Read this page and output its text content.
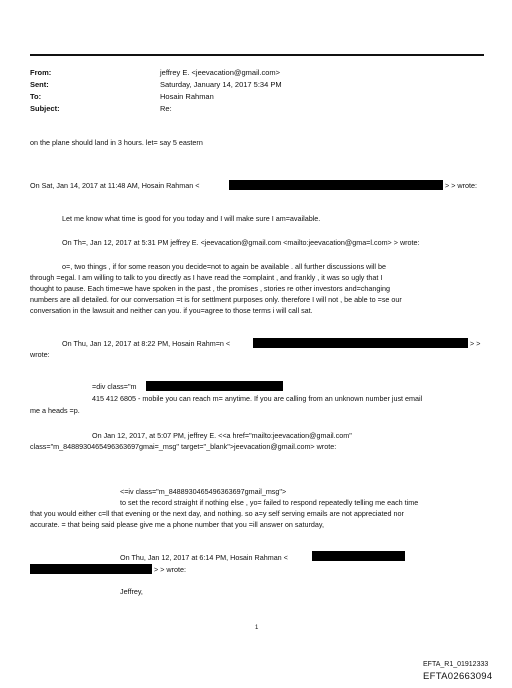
From:	jeffrey E. <jeevacation@gmail.com>
Sent:	Saturday, January 14, 2017 5:34 PM
To:	Hosain Rahman
Subject:	Re:
on the plane should land in 3 hours. let= say 5 eastern
On Sat, Jan 14, 2017 at 11:48 AM, Hosain Rahman <	> > wrote:
Let me know what time is good for you today and I will make sure I am=available.
On Th=, Jan 12, 2017 at 5:31 PM jeffrey E. <jeevacation@gmail.com <mailto:jeevacation@gma=l.com> > wrote:
o=, two things , if for some reason you decide=not to again be available . all further discussions will be
through =egal. I am willing to talk to you directly as I have read the =omplaint , and frankly , it was so ugly that I
thought to pause. Each time=we have spoken in the past , the promises , stories re other investors and=changing
numbers are all detailed. for our conversation =t is for settlment purposes only. therefore I will not , be able to =se our
conversation in the lawsuit and neither can you. if you=agree to those terms i will call sat.
On Thu, Jan 12, 2017 at 8:22 PM, Hosain Rahm=n <	> >
wrote:
=div class="m
415 412 6805 - mobile you can reach m= anytime. If you are calling from an unknown number just email
me a heads =p.
On Jan 12, 2017, at 5:07 PM, jeffrey E. <<a href="mailto:jeevacation@gmail.com"
class="m_8488930465496363697gmai=_msg" target="_blank">jeevacation@gmail.com> wrote:
<=iv class="m_8488930465496363697gmail_msg">
to set the record straight if nothing else , yo= failed to respond repeatedly telling me each time
that you would either c=ll that evening or the next day, and nothing. so a=y self serving emails are not appreciated nor
accurate. = that being said please give me a phone number that you =ill answer on saturday,
On Thu, Jan 12, 2017 at 6:14 PM, Hosain Rahman <
> > wrote:
Jeffrey,
1
EFTA_R1_01912333
EFTA02663094
